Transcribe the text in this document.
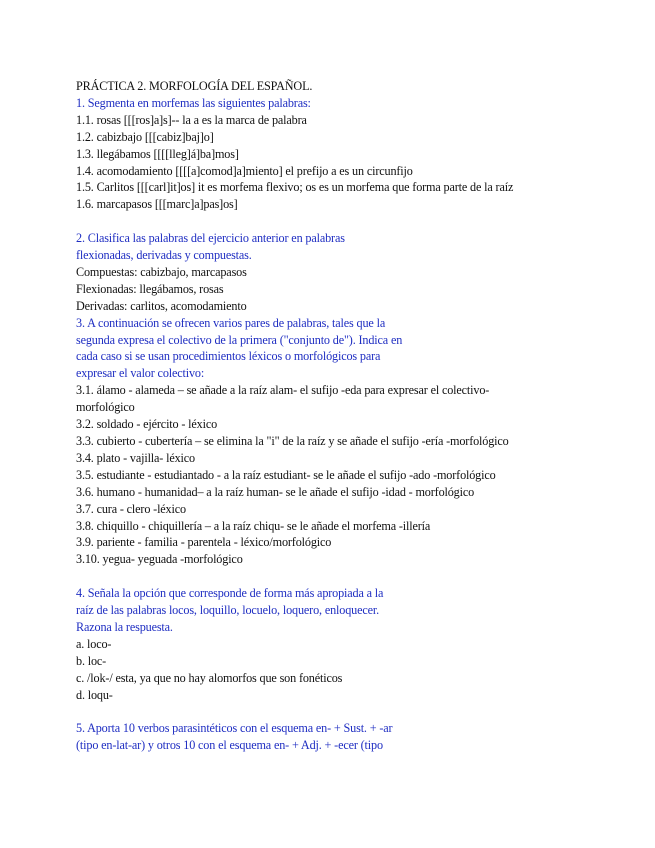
PRÁCTICA 2. MORFOLOGÍA DEL ESPAÑOL.
1. Segmenta en morfemas las siguientes palabras:
1.1. rosas [[[ros]a]s]-- la a es la marca de palabra
1.2. cabizbajo [[[cabiz]baj]o]
1.3. llegábamos [[[[lleg]á]ba]mos]
1.4. acomodamiento [[[[a]comod]a]miento] el prefijo a es un circunfijo
1.5. Carlitos [[[carl]it]os] it es morfema flexivo; os es un morfema que forma parte de la raíz
1.6. marcapasos [[[marc]a]pas]os]
2. Clasifica las palabras del ejercicio anterior en palabras
flexionadas, derivadas y compuestas.
Compuestas: cabizbajo, marcapasos
Flexionadas: llegábamos, rosas
Derivadas: carlitos, acomodamiento
3. A continuación se ofrecen varios pares de palabras, tales que la
segunda expresa el colectivo de la primera ("conjunto de"). Indica en
cada caso si se usan procedimientos léxicos o morfológicos para
expresar el valor colectivo:
3.1. álamo - alameda – se añade a la raíz alam- el sufijo -eda para expresar el colectivo-
morfológico
3.2. soldado - ejército - léxico
3.3. cubierto - cubertería – se elimina la "i" de la raíz y se añade el sufijo -ería -morfológico
3.4. plato - vajilla- léxico
3.5. estudiante - estudiantado - a la raíz estudiant- se le añade el sufijo -ado -morfológico
3.6. humano - humanidad– a la raíz human- se le añade el sufijo -idad - morfológico
3.7. cura - clero -léxico
3.8. chiquillo - chiquillería – a la raíz chiqu- se le añade el morfema -illería
3.9. pariente - familia - parentela - léxico/morfológico
3.10. yegua- yeguada -morfológico
4. Señala la opción que corresponde de forma más apropiada a la
raíz de las palabras locos, loquillo, locuelo, loquero, enloquecer.
Razona la respuesta.
a. loco-
b. loc-
c. /lok-/ esta, ya que no hay alomorfos que son fonéticos
d. loqu-
5. Aporta 10 verbos parasintéticos con el esquema en- + Sust. + -ar
(tipo en-lat-ar) y otros 10 con el esquema en- + Adj. + -ecer (tipo
